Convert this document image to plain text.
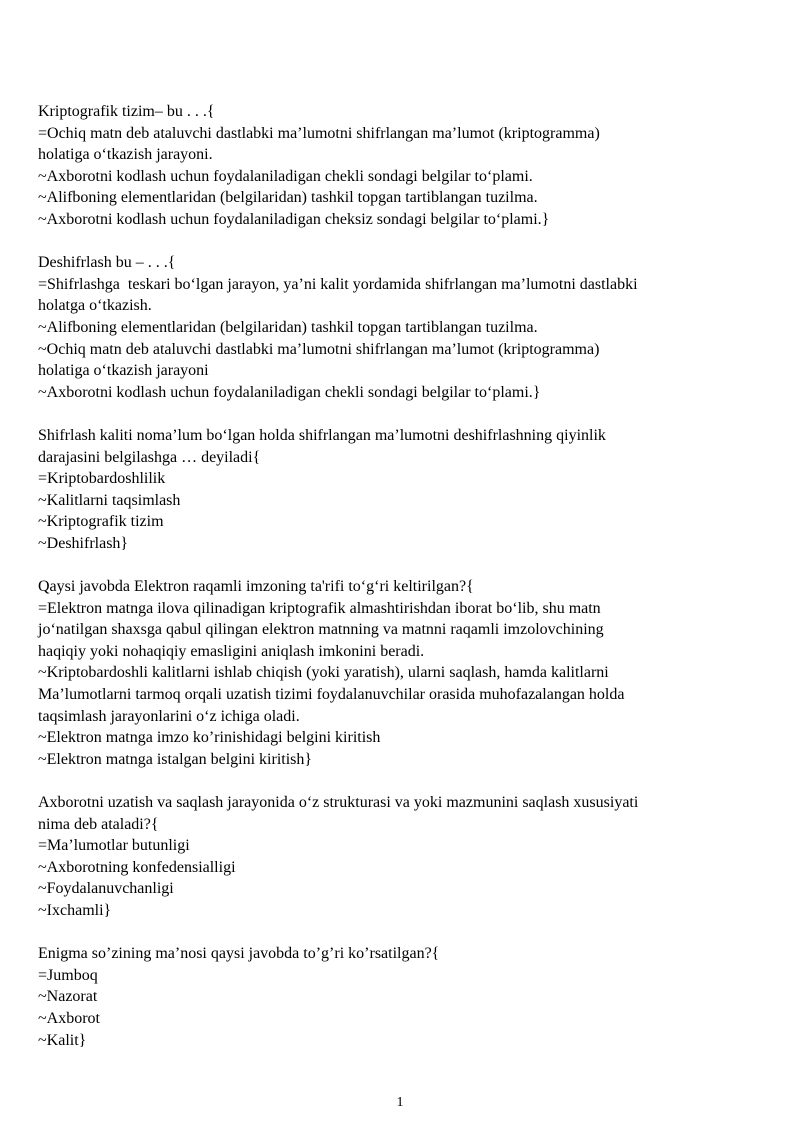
Kriptografik tizim– bu . . .{
=Ochiq matn deb ataluvchi dastlabki ma’lumotni shifrlangan ma’lumot (kriptogramma)
holatiga o‘tkazish jarayoni.
~Axborotni kodlash uchun foydalaniladigan chekli sondagi belgilar to‘plami.
~Alifboning elementlaridan (belgilaridan) tashkil topgan tartiblangan tuzilma.
~Axborotni kodlash uchun foydalaniladigan cheksiz sondagi belgilar to‘plami.}
Deshifrlash bu – . . .{
=Shifrlashga  teskari bo‘lgan jarayon, ya’ni kalit yordamida shifrlangan ma’lumotni dastlabki
holatga o‘tkazish.
~Alifboning elementlaridan (belgilaridan) tashkil topgan tartiblangan tuzilma.
~Ochiq matn deb ataluvchi dastlabki ma’lumotni shifrlangan ma’lumot (kriptogramma)
holatiga o‘tkazish jarayoni
~Axborotni kodlash uchun foydalaniladigan chekli sondagi belgilar to‘plami.}
Shifrlash kaliti noma’lum bo‘lgan holda shifrlangan ma’lumotni deshifrlashning qiyinlik
darajasini belgilashga … deyiladi{
=Kriptobardoshlilik
~Kalitlarni taqsimlash
~Kriptografik tizim
~Deshifrlash}
Qaysi javobda Elektron raqamli imzoning ta'rifi to‘g‘ri keltirilgan?{
=Elektron matnga ilova qilinadigan kriptografik almashtirishdan iborat bo‘lib, shu matn
jo‘natilgan shaxsga qabul qilingan elektron matnning va matnni raqamli imzolovchining
haqiqiy yoki nohaqiqiy emasligini aniqlash imkonini beradi.
~Kriptobardoshli kalitlarni ishlab chiqish (yoki yaratish), ularni saqlash, hamda kalitlarni
Ma’lumotlarni tarmoq orqali uzatish tizimi foydalanuvchilar orasida muhofazalangan holda
taqsimlash jarayonlarini o‘z ichiga oladi.
~Elektron matnga imzo ko’rinishidagi belgini kiritish
~Elektron matnga istalgan belgini kiritish}
Axborotni uzatish va saqlash jarayonida o‘z strukturasi va yoki mazmunini saqlash xususiyati
nima deb ataladi?{
=Ma’lumotlar butunligi
~Axborotning konfedensialligi
~Foydalanuvchanligi
~Ixchamli}
Enigma so’zining ma’nosi qaysi javobda to’g’ri ko’rsatilgan?{
=Jumboq
~Nazorat
~Axborot
~Kalit}
1
